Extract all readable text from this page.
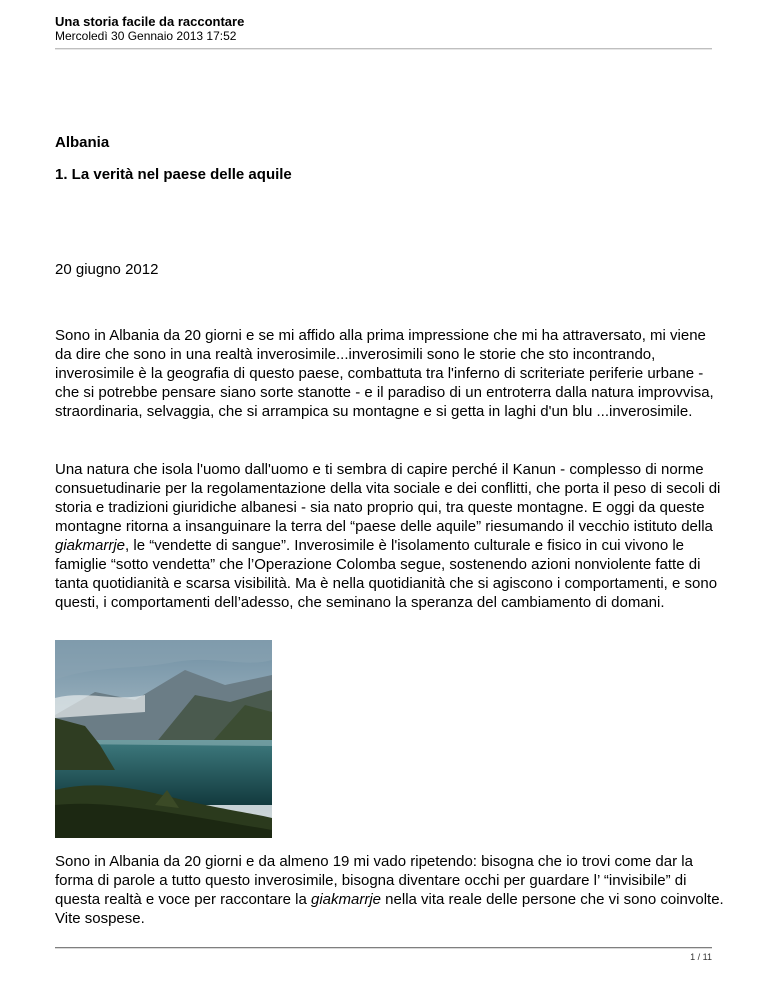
Una storia facile da raccontare
Mercoledì 30 Gennaio 2013 17:52
Albania
1. La verità nel paese delle aquile
20 giugno 2012
Sono in Albania da 20 giorni e se mi affido alla prima impressione che mi ha attraversato, mi viene da dire che sono in una realtà inverosimile...inverosimili sono le storie che sto incontrando, inverosimile è la geografia di questo paese, combattuta tra l'inferno di scriteriate periferie urbane - che si potrebbe pensare siano sorte stanotte - e il paradiso di un entroterra dalla natura improvvisa, straordinaria, selvaggia, che si arrampica su montagne e si getta in laghi d'un blu ...inverosimile.
Una natura che isola l'uomo dall'uomo e ti sembra di capire perché il Kanun - complesso di norme consuetudinarie per la regolamentazione della vita sociale e dei conflitti, che porta il peso di secoli di storia e tradizioni giuridiche albanesi - sia nato proprio qui, tra queste montagne. E oggi da queste montagne ritorna a insanguinare la terra del “paese delle aquile” riesumando il vecchio istituto della giakmarrje, le “vendette di sangue”. Inverosimile è l'isolamento culturale e fisico in cui vivono le famiglie “sotto vendetta” che l’Operazione Colomba segue, sostenendo azioni nonviolente fatte di tanta quotidianità e scarsa visibilità. Ma è nella quotidianità che si agiscono i comportamenti, e sono questi, i comportamenti dell’adesso, che seminano la speranza del cambiamento di domani.
Sono in Albania da 20 giorni e da almeno 19 mi vado ripetendo: bisogna che io trovi come dar la forma di parole a tutto questo inverosimile, bisogna diventare occhi per guardare l’ “invisibile” di questa realtà e voce per raccontare la giakmarrje nella vita reale delle persone che vi sono coinvolte. Vite sospese.
1 / 11
